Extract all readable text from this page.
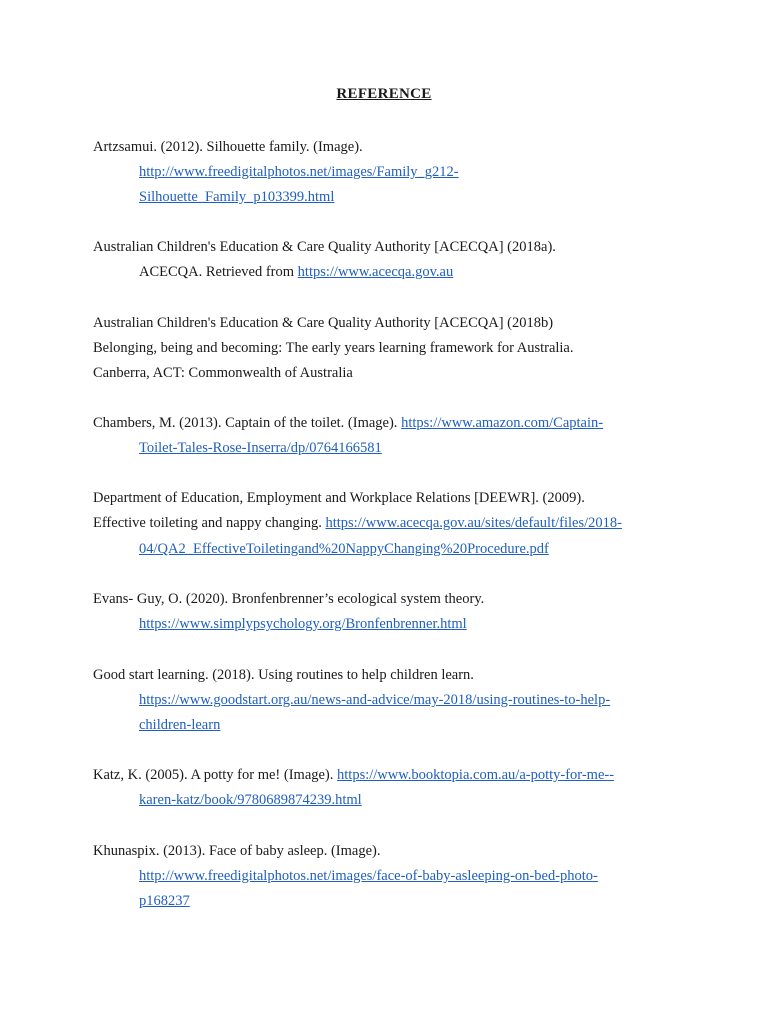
REFERENCE
Artzsamui. (2012). Silhouette family. (Image).
http://www.freedigitalphotos.net/images/Family_g212-
Silhouette_Family_p103399.html
Australian Children's Education & Care Quality Authority [ACECQA] (2018a).
ACECQA. Retrieved from https://www.acecqa.gov.au
Australian Children's Education & Care Quality Authority [ACECQA] (2018b)
Belonging, being and becoming: The early years learning framework for Australia.
Canberra, ACT: Commonwealth of Australia
Chambers, M. (2013). Captain of the toilet. (Image). https://www.amazon.com/Captain-
Toilet-Tales-Rose-Inserra/dp/0764166581
Department of Education, Employment and Workplace Relations [DEEWR]. (2009).
Effective toileting and nappy changing. https://www.acecqa.gov.au/sites/default/files/2018-
04/QA2_EffectiveToiletingand%20NappyChanging%20Procedure.pdf
Evans- Guy, O. (2020). Bronfenbrenner’s ecological system theory.
https://www.simplypsychology.org/Bronfenbrenner.html
Good start learning. (2018). Using routines to help children learn.
https://www.goodstart.org.au/news-and-advice/may-2018/using-routines-to-help-
children-learn
Katz, K. (2005). A potty for me! (Image). https://www.booktopia.com.au/a-potty-for-me--
karen-katz/book/9780689874239.html
Khunaspix. (2013). Face of baby asleep. (Image).
http://www.freedigitalphotos.net/images/face-of-baby-asleeping-on-bed-photo-
p168237
